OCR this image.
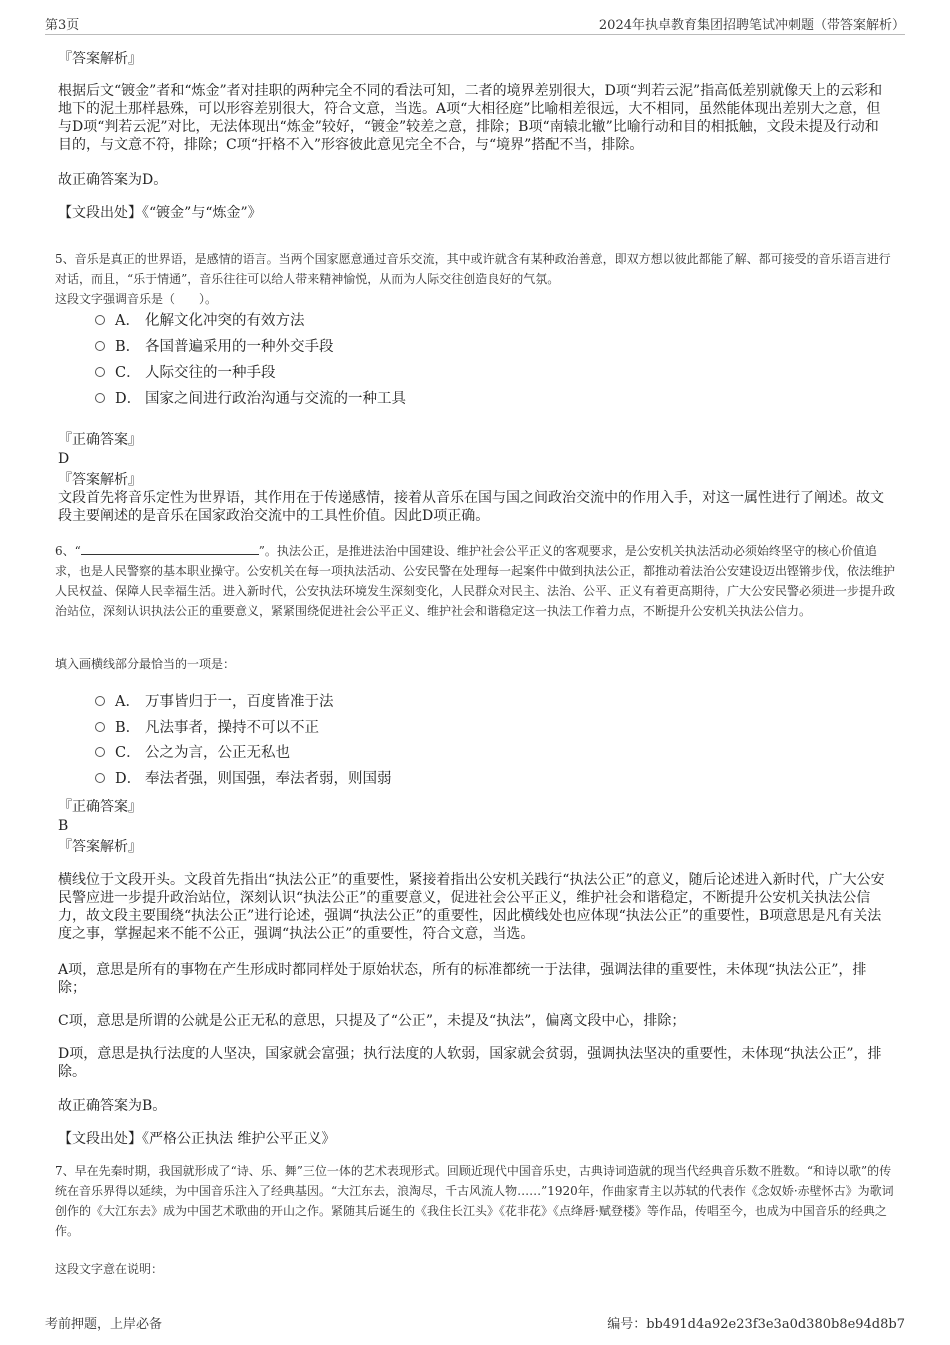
第3页	2024年执卓教育集团招聘笔试冲刺题（带答案解析）
『答案解析』
根据后文“镀金”者和“炼金”者对挂职的两种完全不同的看法可知，二者的境界差别很大，D项“判若云泥”指高低差别就像天上的云彩和地下的泥土那样悬殊，可以形容差别很大，符合文意，当选。A项“大相径庭”比喻相差很远，大不相同，虽然能体现出差别大之意，但与D项“判若云泥”对比，无法体现出“炼金”较好，“镀金”较差之意，排除；B项“南辕北辙”比喻行动和目的相抵触，文段未提及行动和目的，与文意不符，排除；C项“扞格不入”形容彼此意见完全不合，与“境界”搭配不当，排除。
故正确答案为D。
【文段出处】《“镀金”与“炼金”》
5、音乐是真正的世界语，是感情的语言。当两个国家愿意通过音乐交流，其中或许就含有某种政治善意，即双方想以彼此都能了解、都可接受的音乐语言进行对话，而且，“乐于情通”，音乐往往可以给人带来精神愉悦，从而为人际交往创造良好的气氛。
这段文字强调音乐是（　　）。
A． 化解文化冲突的有效方法
B． 各国普遍采用的一种外交手段
C． 人际交往的一种手段
D． 国家之间进行政治沟通与交流的一种工具
『正确答案』
D
『答案解析』
文段首先将音乐定性为世界语，其作用在于传递感情，接着从音乐在国与国之间政治交流中的作用入手，对这一属性进行了阐述。故文段主要阐述的是音乐在国家政治交流中的工具性价值。因此D项正确。
6、“	”。执法公正，是推进法治中国建设、维护社会公平正义的客观要求，是公安机关执法活动必须始终坚守的核心价值追求，也是人民警察的基本职业操守。公安机关在每一项执法活动、公安民警在处理每一起案件中做到执法公正，都推动着法治公安建设迈出铿锵步伐，依法维护人民权益、保障人民幸福生活。进入新时代，公安执法环境发生深刻变化，人民群众对民主、法治、公平、正义有着更高期待，广大公安民警必须进一步提升政治站位，深刻认识执法公正的重要意义，紧紧围绕促进社会公平正义、维护社会和谐稳定这一执法工作着力点，不断提升公安机关执法公信力。
填入画横线部分最恰当的一项是：
A． 万事皆归于一，百度皆准于法
B． 凡法事者，操持不可以不正
C． 公之为言，公正无私也
D． 奉法者强，则国强，奉法者弱，则国弱
『正确答案』
B
『答案解析』
横线位于文段开头。文段首先指出“执法公正”的重要性，紧接着指出公安机关践行“执法公正”的意义，随后论述进入新时代，广大公安民警应进一步提升政治站位，深刻认识“执法公正”的重要意义，促进社会公平正义，维护社会和谐稳定，不断提升公安机关执法公信力，故文段主要围绕“执法公正”进行论述，强调“执法公正”的重要性，因此横线处也应体现“执法公正”的重要性，B项意思是凡有关法度之事，掌握起来不能不公正，强调“执法公正”的重要性，符合文意，当选。
A项，意思是所有的事物在产生形成时都同样处于原始状态，所有的标准都统一于法律，强调法律的重要性，未体现“执法公正”，排除；
C项，意思是所谓的公就是公正无私的意思，只提及了“公正”，未提及“执法”，偏离文段中心，排除；
D项，意思是执行法度的人坚决，国家就会富强；执行法度的人软弱，国家就会贫弱，强调执法坚决的重要性，未体现“执法公正”，排除。
故正确答案为B。
【文段出处】《严格公正执法 维护公平正义》
7、早在先秦时期，我国就形成了“诗、乐、舞”三位一体的艺术表现形式。回顾近现代中国音乐史，古典诗词造就的现当代经典音乐数不胜数。“和诗以歌”的传统在音乐界得以延续，为中国音乐注入了经典基因。“大江东去，浪淘尽，千古风流人物……”1920年，作曲家青主以苏轼的代表作《念奴娇·赤壁怀古》为歌词创作的《大江东去》成为中国艺术歌曲的开山之作。紧随其后诞生的《我住长江头》《花非花》《点绛唇·赋登楼》等作品，传唱至今，也成为中国音乐的经典之作。
这段文字意在说明：
考前押题，上岸必备	编号：bb491d4a92e23f3e3a0d380b8e94d8b7
